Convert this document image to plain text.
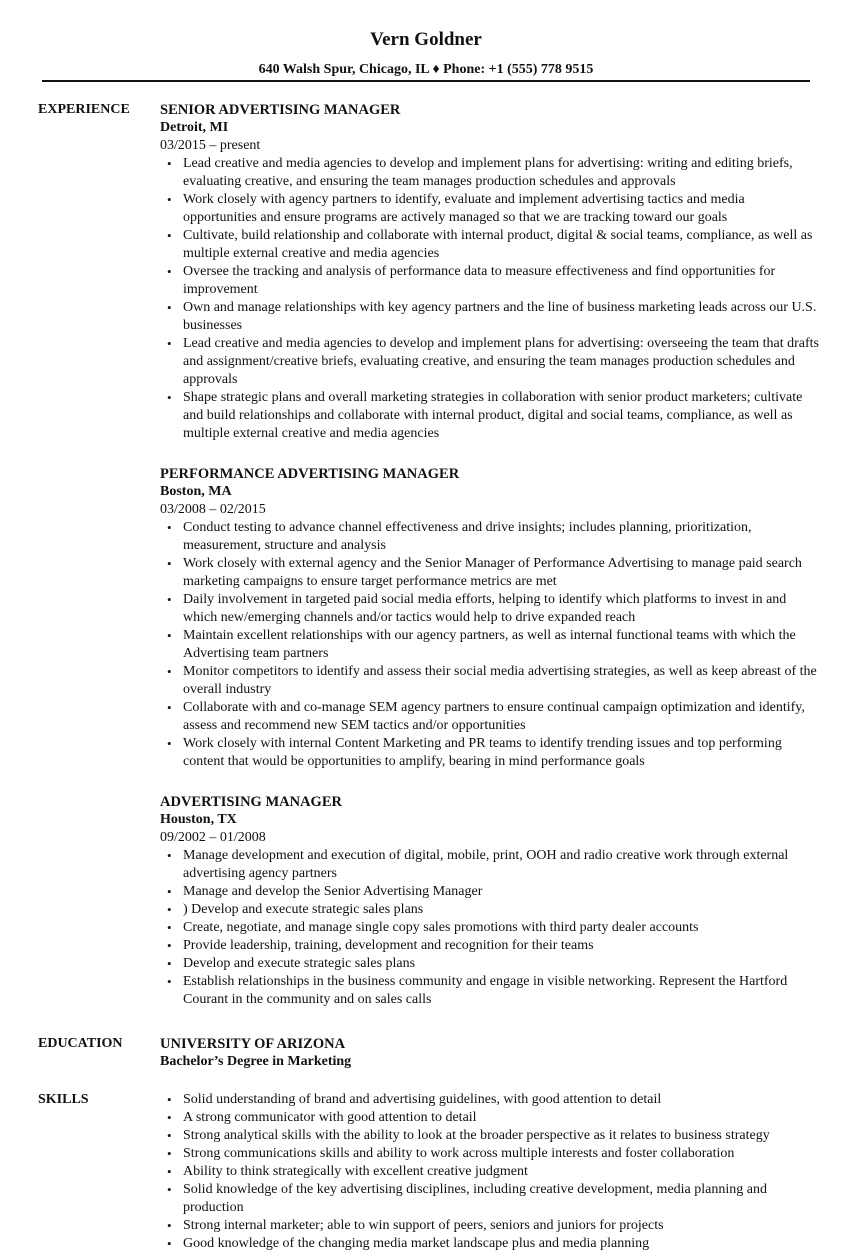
Vern Goldner
640 Walsh Spur, Chicago, IL ♦ Phone: +1 (555) 778 9515
EXPERIENCE SENIOR ADVERTISING MANAGER
Detroit, MI
03/2015 – present
• Lead creative and media agencies to develop and implement plans for advertising: writing and editing briefs, evaluating creative, and ensuring the team manages production schedules and approvals
• Work closely with agency partners to identify, evaluate and implement advertising tactics and media opportunities and ensure programs are actively managed so that we are tracking toward our goals
• Cultivate, build relationship and collaborate with internal product, digital & social teams, compliance, as well as multiple external creative and media agencies
• Oversee the tracking and analysis of performance data to measure effectiveness and find opportunities for improvement
• Own and manage relationships with key agency partners and the line of business marketing leads across our U.S. businesses
• Lead creative and media agencies to develop and implement plans for advertising: overseeing the team that drafts and assignment/creative briefs, evaluating creative, and ensuring the team manages production schedules and approvals
• Shape strategic plans and overall marketing strategies in collaboration with senior product marketers; cultivate and build relationships and collaborate with internal product, digital and social teams, compliance, as well as multiple external creative and media agencies
PERFORMANCE ADVERTISING MANAGER
Boston, MA
03/2008 – 02/2015
• Conduct testing to advance channel effectiveness and drive insights; includes planning, prioritization, measurement, structure and analysis
• Work closely with external agency and the Senior Manager of Performance Advertising to manage paid search marketing campaigns to ensure target performance metrics are met
• Daily involvement in targeted paid social media efforts, helping to identify which platforms to invest in and which new/emerging channels and/or tactics would help to drive expanded reach
• Maintain excellent relationships with our agency partners, as well as internal functional teams with which the Advertising team partners
• Monitor competitors to identify and assess their social media advertising strategies, as well as keep abreast of the overall industry
• Collaborate with and co-manage SEM agency partners to ensure continual campaign optimization and identify, assess and recommend new SEM tactics and/or opportunities
• Work closely with internal Content Marketing and PR teams to identify trending issues and top performing content that would be opportunities to amplify, bearing in mind performance goals
ADVERTISING MANAGER
Houston, TX
09/2002 – 01/2008
• Manage development and execution of digital, mobile, print, OOH and radio creative work through external advertising agency partners
• Manage and develop the Senior Advertising Manager
• ) Develop and execute strategic sales plans
• Create, negotiate, and manage single copy sales promotions with third party dealer accounts
• Provide leadership, training, development and recognition for their teams
• Develop and execute strategic sales plans
• Establish relationships in the business community and engage in visible networking. Represent the Hartford Courant in the community and on sales calls
EDUCATION	UNIVERSITY OF ARIZONA
Bachelor’s Degree in Marketing
SKILLS
•	Solid understanding of brand and advertising guidelines, with good attention to detail
• A strong communicator with good attention to detail
• Strong analytical skills with the ability to look at the broader perspective as it relates to business strategy
• Strong communications skills and ability to work across multiple interests and foster collaboration
• Ability to think strategically with excellent creative judgment
• Solid knowledge of the key advertising disciplines, including creative development, media planning and production
• Strong internal marketer; able to win support of peers, seniors and juniors for projects
• Good knowledge of the changing media market landscape plus and media planning
